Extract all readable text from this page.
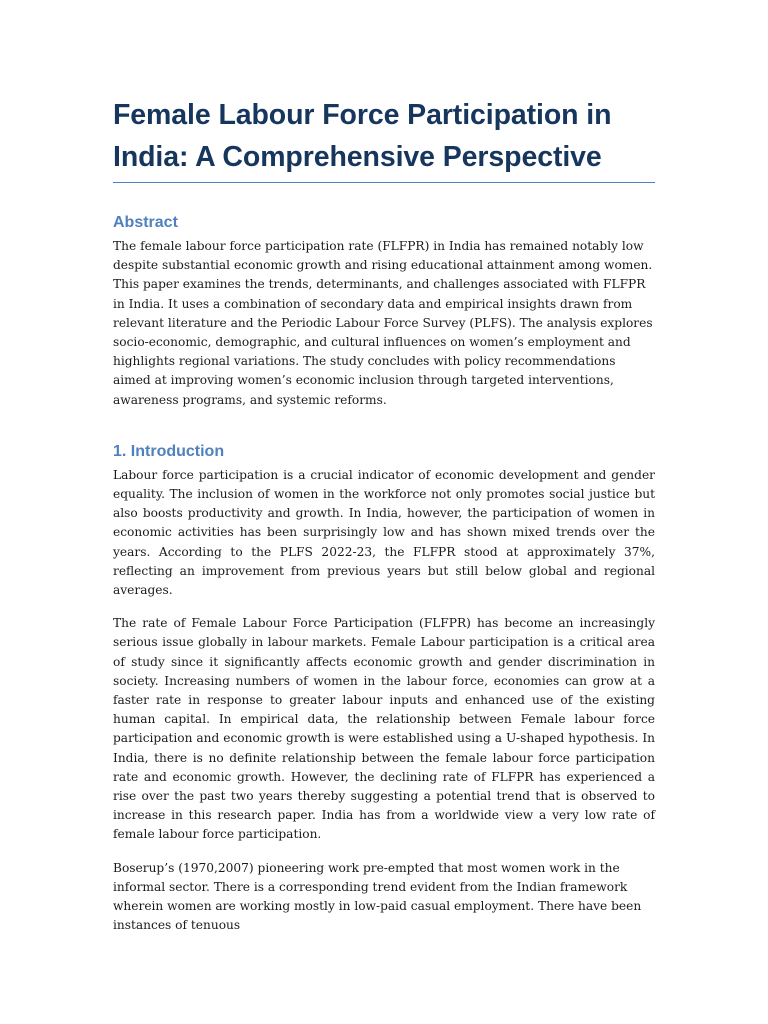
Female Labour Force Participation in India: A Comprehensive Perspective
Abstract

The female labour force participation rate (FLFPR) in India has remained notably low despite substantial economic growth and rising educational attainment among women. This paper examines the trends, determinants, and challenges associated with FLFPR in India. It uses a combination of secondary data and empirical insights drawn from relevant literature and the Periodic Labour Force Survey (PLFS). The analysis explores socio-economic, demographic, and cultural influences on women’s employment and highlights regional variations. The study concludes with policy recommendations aimed at improving women’s economic inclusion through targeted interventions, awareness programs, and systemic reforms.

1. Introduction

Labour force participation is a crucial indicator of economic development and gender equality. The inclusion of women in the workforce not only promotes social justice but also boosts productivity and growth. In India, however, the participation of women in economic activities has been surprisingly low and has shown mixed trends over the years. According to the PLFS 2022-23, the FLFPR stood at approximately 37%, reflecting an improvement from previous years but still below global and regional averages.

The rate of Female Labour Force Participation (FLFPR) has become an increasingly serious issue globally in labour markets. Female Labour participation is a critical area of study since it significantly affects economic growth and gender discrimination in society. Increasing numbers of women in the labour force, economies can grow at a faster rate in response to greater labour inputs and enhanced use of the existing human capital. In empirical data, the relationship between Female labour force participation and economic growth is were established using a U-shaped hypothesis. In India, there is no definite relationship between the female labour force participation rate and economic growth. However, the declining rate of FLFPR has experienced a rise over the past two years thereby suggesting a potential trend that is observed to increase in this research paper. India has from a worldwide view a very low rate of female labour force participation.

Boserup’s (1970,2007) pioneering work pre-empted that most women work in the informal sector. There is a corresponding trend evident from the Indian framework wherein women are working mostly in low-paid casual employment. There have been instances of tenuous
